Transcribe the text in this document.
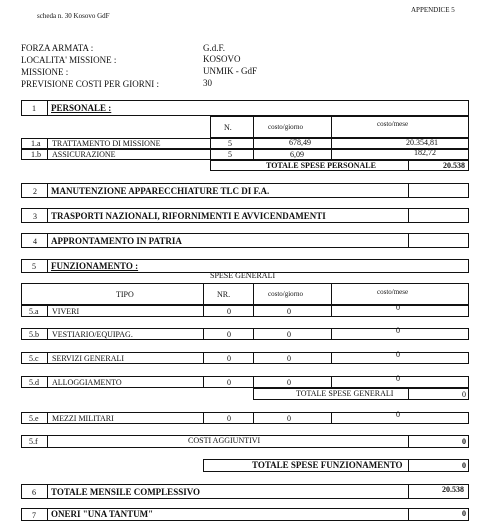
scheda n. 30 Kosovo GdF
APPENDICE 5
FORZA ARMATA :	G.d.F.
LOCALITA' MISSIONE :	KOSOVO
MISSIONE :	UNMIK - GdF
PREVISIONE COSTI PER GIORNI :	30
1 PERSONALE :
N.	costo/giorno	costo/mese
1.a TRATTAMENTO DI MISSIONE	5	678,49	20.354,81
1.b ASSICURAZIONE	5	6,09	182,72
TOTALE SPESE PERSONALE	20.538
2 MANUTENZIONE APPARECCHIATURE TLC DI F.A.
3 TRASPORTI NAZIONALI, RIFORNIMENTI E AVVICENDAMENTI
4 APPRONTAMENTO IN PATRIA
5 FUNZIONAMENTO :
SPESE GENERALI
TIPO	NR.	costo/giorno	costo/mese
5.a VIVERI	0	0	0
5.b VESTIARIO/EQUIPAG.	0	0	0
5.c SERVIZI GENERALI	0	0	0
5.d ALLOGGIAMENTO	0	0	0
TOTALE SPESE GENERALI	0
5.e MEZZI MILITARI	0	0	0
5.f	COSTI AGGIUNTIVI	0
TOTALE SPESE FUNZIONAMENTO	0
6 TOTALE MENSILE COMPLESSIVO	20.538
7 ONERI "UNA TANTUM"	0
